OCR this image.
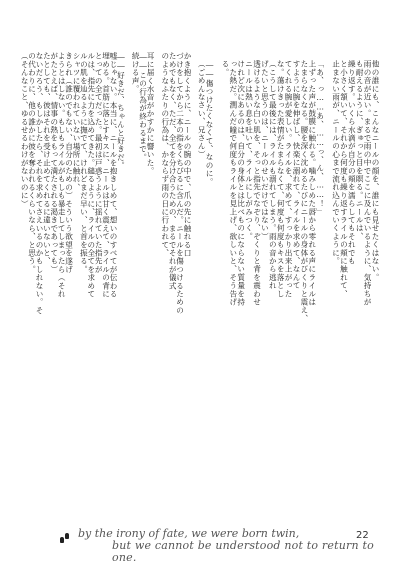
他の誰にも、こんなニールの顔を、誰にも見せたくはない。
雨の音が近い。まるで雨の中でここに及んでいるように、気持ちが
も耐えるように、ぎゅっと目を瞑る。ニールは、
繰り返す。いくら水滴が自分の頬を濡らしてもそれでも
と小さく頷いて、それから何度も繰り返すライルの頬に触れて、
止まない雨が、ニールの心まで流れ込んでいくように。
「あ、っ……あ、……っ、ん、……！」
上ずった声が鼓膜に触れる。噛みしめた唇から零れる声にライルは
たまらなくなる。腰を深く沈めるたびにニールの身体がびくりと震え、
すように腕を伸ばし、快楽に溺れて、ライルを求めて、なんて
てくれる腕が愛しい。ライルを、求めて、すっかり出来上がった
な。蕩けきった表情がたまらなくて、何度も何度もキスを落とし
（こうして最後には、ライルも溺れてしまう。雨の音から逃れ
げたいと思うのは、ニールのせいだけではない）
透けるような白い肌を、そっと指先でなぞり、ぞくりと背を震わせ
ニールは熱い息を吐いて、ライルにしがみつく。
けれど次にあるのは、自分の身体とは比べものにならない質量を持
った熱だ。潤んだ瞳で何度もライルを見上げ、欲しいと、そう告げ
る。
――傷つけたくなくて、なのに。
（ごめんなさい、兄さん）
かき抱くように、ニールの腕の中で、爪の先に触れる口
づけをしてから二本の指をくちびるに含んだ。ニールを傷つけるための
ためでもなく、ただ、全てを分け合うための、まるでそれが儀式
のようなふたりの行為は、かならず雨の日に行われて、
耳に届く水音がかすかに響いた。
――この行為が終わるまで。
続ける声。
――好きだ、ちゃんと好きだ。
嘘じゃない。本当に、ニールを抱きしめて、想いのすべてが伝わる
埋める。首筋に落とすキスに、ニールは甘く震えて、ライルの背に
とっての全てだった。最初は戸惑うように揺れていた指先が
ルは、指先に力を込めてきた。縋るように、ライルの全てを求めて
ルの肌を辿るように撫でて、けれどまだ早い、と首を振る。
シャツに覆われていない場所に触れ、
きられ（誰のでもない、自分のための）そういう欲望を遂げ
ようとはしない。もしもライルがもしも暴走してしまったら（それ
がたとえば、情事の熱をもって満たされる渇きであっても）
たとしても、彼はそれを受け止めてくれるに違いないと、
ないだろう、もしかしたら、それを求めてさえいるのかもしれない。そ
の代わりに、他の誰かに彼を奪われるくらいなら、と思う。
（そんなこと、ゆるせるわけがないのに）
by the irony of fate, we were born twin,
but we cannot be understood not to return to one.
22
